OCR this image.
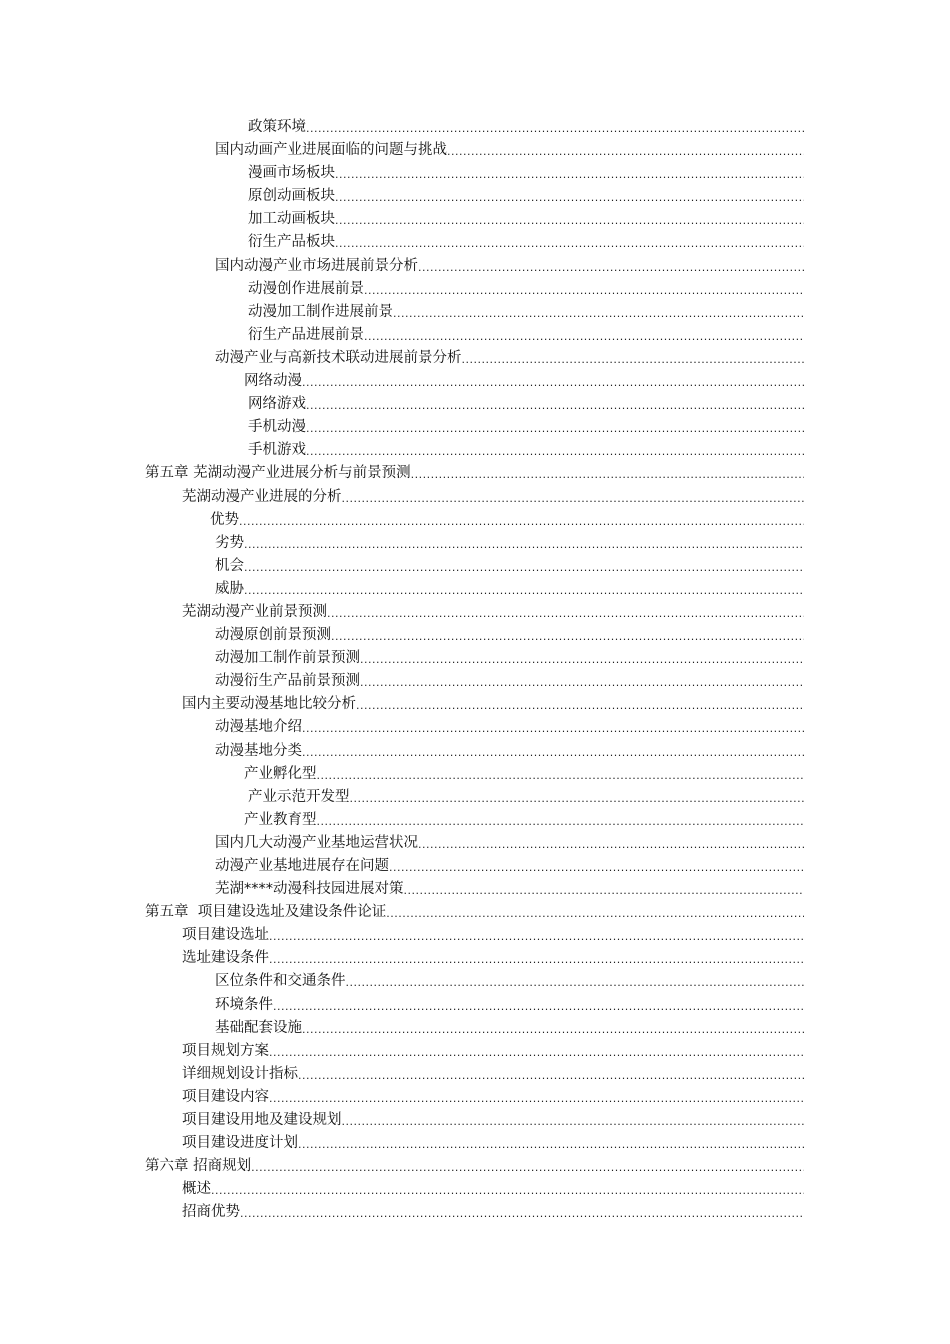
政策环境
.....
国内动画产业进展面临的问题与挑战
.....
漫画市场板块
.....
原创动画板块
.....
加工动画板块
.....
衍生产品板块
.....
国内动漫产业市场进展前景分析
.....
动漫创作进展前景
.....
动漫加工制作进展前景
.....
衍生产品进展前景
.....
动漫产业与高新技术联动进展前景分析
.....
网络动漫
.....
网络游戏
.....
手机动漫
.....
手机游戏
.....
第五章 芜湖动漫产业进展分析与前景预测
.....
芜湖动漫产业进展的分析
.....
优势
.....
劣势
.....
机会
.....
威胁
.....
芜湖动漫产业前景预测
.....
动漫原创前景预测
.....
动漫加工制作前景预测
.....
动漫衍生产品前景预测
.....
国内主要动漫基地比较分析
.....
动漫基地介绍
.....
动漫基地分类
.....
产业孵化型
.....
产业示范开发型
.....
产业教育型
.....
国内几大动漫产业基地运营状况
.....
动漫产业基地进展存在问题
.....
芜湖****动漫科技园进展对策
.....
第五章  项目建设选址及建设条件论证
.....
项目建设选址
.....
选址建设条件
.....
区位条件和交通条件
.....
环境条件
.....
基础配套设施
.....
项目规划方案
.....
详细规划设计指标
.....
项目建设内容
.....
项目建设用地及建设规划
.....
项目建设进度计划
.....
第六章 招商规划
.....
概述
.....
招商优势
.....
